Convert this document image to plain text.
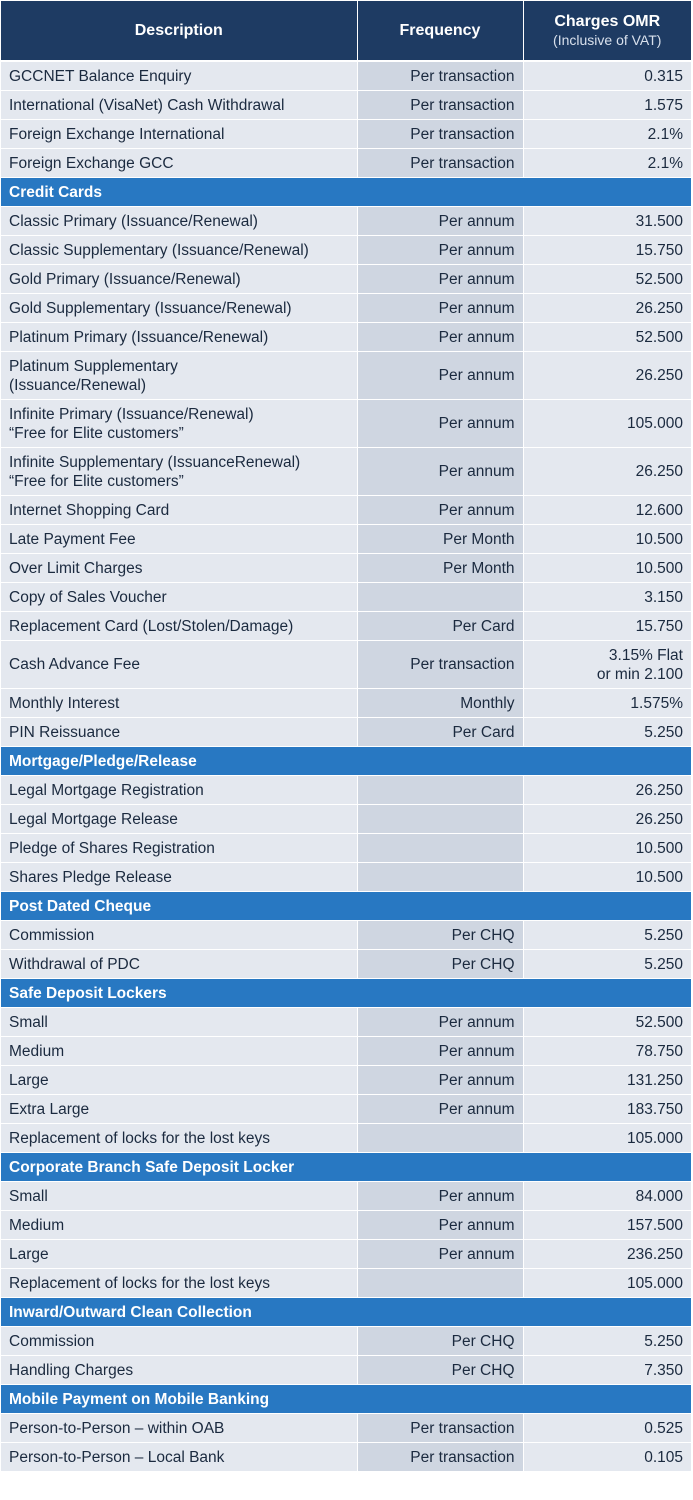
Description	Frequency	Charges OMR
(Inclusive of VAT)

GCCNET Balance Enquiry	Per transaction	0.315

International (VisaNet) Cash Withdrawal	Per transaction	1.575

Foreign Exchange International	Per transaction	2.1%

Foreign Exchange GCC	Per transaction	2.1%

Credit Cards		

Classic Primary (Issuance/Renewal)	Per annum	31.500

Classic Supplementary (Issuance/Renewal)	Per annum	15.750

Gold Primary (Issuance/Renewal)	Per annum	52.500

Gold Supplementary (Issuance/Renewal)	Per annum	26.250

Platinum Primary (Issuance/Renewal)	Per annum	52.500

Platinum Supplementary
(Issuance/Renewal)	Per annum	26.250

Infinite Primary (Issuance/Renewal)
“Free for Elite customers”	Per annum	105.000

Infinite Supplementary (IssuanceRenewal)
“Free for Elite customers”	Per annum	26.250

Internet Shopping Card	Per annum	12.600

Late Payment Fee	Per Month	10.500

Over Limit Charges	Per Month	10.500

Copy of Sales Voucher		3.150

Replacement Card (Lost/Stolen/Damage)	Per Card	15.750

Cash Advance Fee	Per transaction	3.15% Flat
or min 2.100

Monthly Interest	Monthly	1.575%

PIN Reissuance	Per Card	5.250

Mortgage/Pledge/Release		

Legal Mortgage Registration		26.250

Legal Mortgage Release		26.250

Pledge of Shares Registration		10.500

Shares Pledge Release		10.500

Post Dated Cheque		

Commission	Per CHQ	5.250

Withdrawal of PDC	Per CHQ	5.250

Safe Deposit Lockers		

Small	Per annum	52.500

Medium	Per annum	78.750

Large	Per annum	131.250

Extra Large	Per annum	183.750

Replacement of locks for the lost keys		105.000

Corporate Branch Safe Deposit Locker		

Small	Per annum	84.000

Medium	Per annum	157.500

Large	Per annum	236.250

Replacement of locks for the lost keys		105.000

Inward/Outward Clean Collection		

Commission	Per CHQ	5.250

Handling Charges	Per CHQ	7.350

Mobile Payment on Mobile Banking		

Person-to-Person – within OAB	Per transaction	0.525

Person-to-Person – Local Bank	Per transaction	0.105
